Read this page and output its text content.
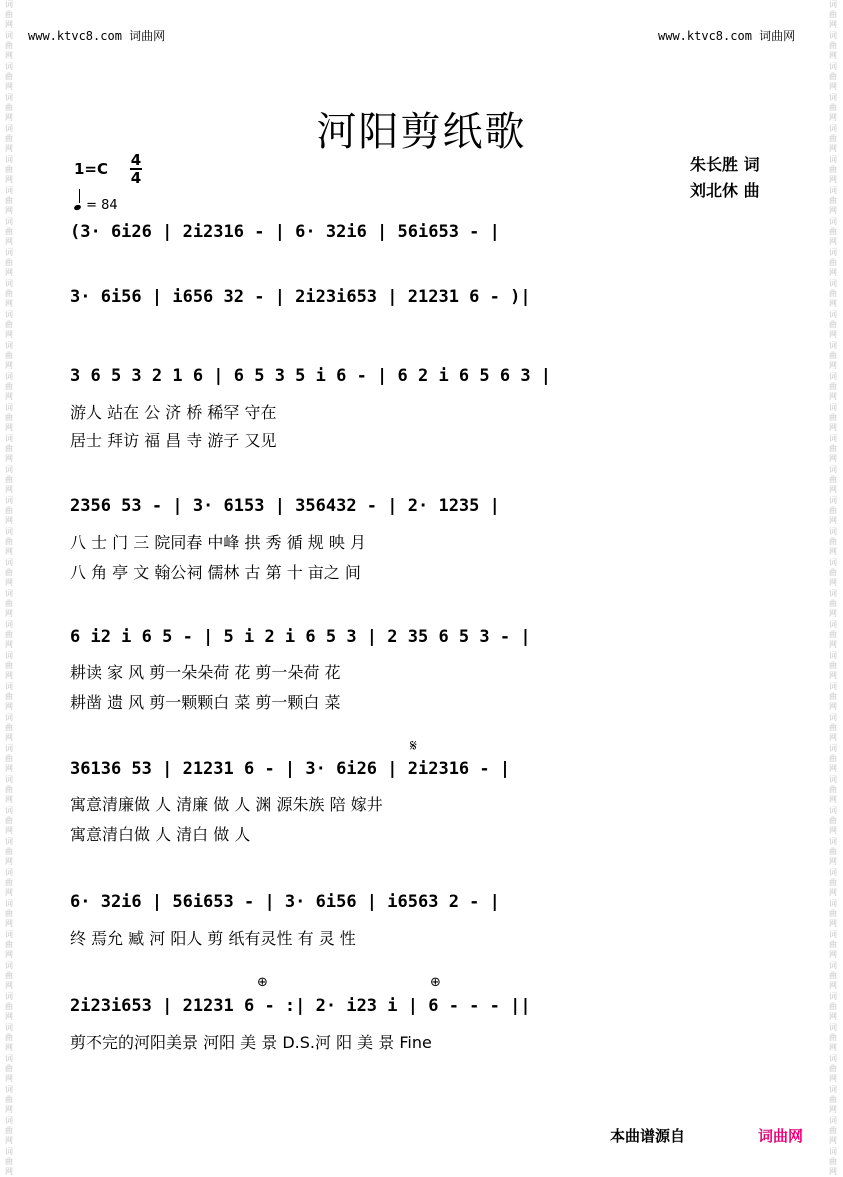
词
曲
网
词
曲
网
词
曲
网
词
曲
网
词
曲
网
词
曲
网
词
曲
网
词
曲
网
词
曲
网
词
曲
网
词
曲
网
词
曲
网
词
曲
网
词
曲
网
词
曲
网
词
曲
网
词
曲
网
词
曲
网
词
曲
网
词
曲
网
词
曲
网
词
曲
网
词
曲
网
词
曲
网
词
曲
网
词
曲
网
词
曲
网
词
曲
网
词
曲
网
词
曲
网
词
曲
网
词
曲
网
词
曲
网
词
曲
网
词
曲
网
词
曲
网
词
曲
网
词
曲
网
词
曲
网
词
曲
网
词
曲
网
词
曲
网
词
曲
网
词
曲
网
词
曲
网
词
曲
网
词
曲
网
词
曲
网
词
曲
网
词
曲
网
词
曲
网
词
曲
网
词
曲
网
词
曲
网
词
曲
网
词
曲
网
词
曲
网
词
曲
网
词
曲
网
词
曲
网
词
曲
网
词
曲
网
词
曲
网
词
曲
网
词
曲
网
词
曲
网
词
曲
网
词
曲
网
词
曲
网
词
曲
网
词
曲
网
词
曲
网
词
曲
网
词
曲
网
词
曲
网
词
曲
网
www.ktvc8.com 词曲网	www.ktvc8.com 词曲网
河阳剪纸歌
朱长胜 词
刘北休 曲
1=C 4
4
= 84
(3· 6i26 | 2i2316 - | 6· 32i6 | 56i653 - |
3· 6i56 | i656 32 - | 2i23i653 | 21231 6 - )|
3 6 5 3 2 1 6 | 6 5 3 5 i 6 - | 6 2 i 6 5 6 3 |
游人 站在 公 济 桥 稀罕 守在
居士 拜访 福 昌 寺 游子 又见
2356 53 - | 3· 6153 | 356432 - | 2· 1235 |
八 士 门 三 院同春 中峰 拱 秀 循 规 映 月
八 角 亭 文 翰公祠 儒林 古 第 十 亩之 间
6 i2 i 6 5 - | 5 i 2 i 6 5 3 | 2 35 6 5 3 - |
耕读 家 风 剪一朵朵荷 花 剪一朵荷 花
耕凿 遗 风 剪一颗颗白 菜 剪一颗白 菜
𝄋
36136 53 | 21231 6 - | 3· 6i26 | 2i2316 - |
寓意清廉做 人 清廉 做 人 渊 源朱族 陪 嫁井
寓意清白做 人 清白 做 人
6· 32i6 | 56i653 - | 3· 6i56 | i6563 2 - |
终 焉允 臧 河 阳人 剪 纸有灵性 有 灵 性
⊕	⊕
2i23i653 | 21231 6 - :| 2· i23 i | 6 - - - ||
剪不完的河阳美景 河阳 美 景 D.S.河 阳 美 景 Fine
本曲谱源自	词曲网
